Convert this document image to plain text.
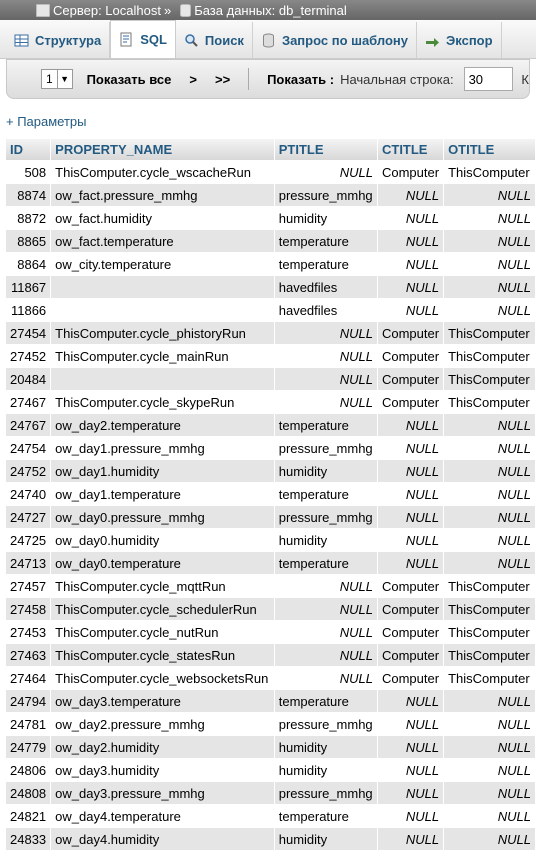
Сервер: Localhost » База данных: db_terminal
Структура	SQL	Поиск	Запрос по шаблону	Экспор
1 ▼ Показать все > >>	Показать : Начальная строка:	30	К
+ Параметры
ID	PROPERTY_NAME	PTITLE	CTITLE	OTITLE
508	ThisComputer.cycle_wscacheRun	NULL	Computer	ThisComputer
8874	ow_fact.pressure_mmhg	pressure_mmhg	NULL	NULL
8872	ow_fact.humidity	humidity	NULL	NULL
8865	ow_fact.temperature	temperature	NULL	NULL
8864	ow_city.temperature	temperature	NULL	NULL
11867		havedfiles	NULL	NULL
11866		havedfiles	NULL	NULL
27454	ThisComputer.cycle_phistoryRun	NULL	Computer	ThisComputer
27452	ThisComputer.cycle_mainRun	NULL	Computer	ThisComputer
20484		NULL	Computer	ThisComputer
27467	ThisComputer.cycle_skypeRun	NULL	Computer	ThisComputer
24767	ow_day2.temperature	temperature	NULL	NULL
24754	ow_day1.pressure_mmhg	pressure_mmhg	NULL	NULL
24752	ow_day1.humidity	humidity	NULL	NULL
24740	ow_day1.temperature	temperature	NULL	NULL
24727	ow_day0.pressure_mmhg	pressure_mmhg	NULL	NULL
24725	ow_day0.humidity	humidity	NULL	NULL
24713	ow_day0.temperature	temperature	NULL	NULL
27457	ThisComputer.cycle_mqttRun	NULL	Computer	ThisComputer
27458	ThisComputer.cycle_schedulerRun	NULL	Computer	ThisComputer
27453	ThisComputer.cycle_nutRun	NULL	Computer	ThisComputer
27463	ThisComputer.cycle_statesRun	NULL	Computer	ThisComputer
27464	ThisComputer.cycle_websocketsRun	NULL	Computer	ThisComputer
24794	ow_day3.temperature	temperature	NULL	NULL
24781	ow_day2.pressure_mmhg	pressure_mmhg	NULL	NULL
24779	ow_day2.humidity	humidity	NULL	NULL
24806	ow_day3.humidity	humidity	NULL	NULL
24808	ow_day3.pressure_mmhg	pressure_mmhg	NULL	NULL
24821	ow_day4.temperature	temperature	NULL	NULL
24833	ow_day4.humidity	humidity	NULL	NULL
